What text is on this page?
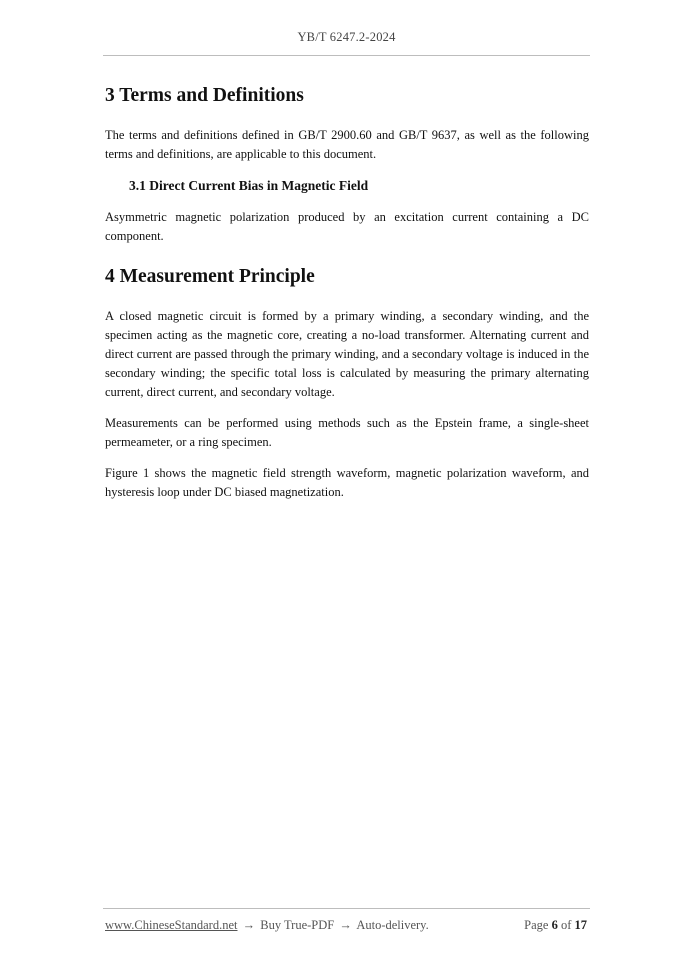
YB/T 6247.2-2024
3 Terms and Definitions

The terms and definitions defined in GB/T 2900.60 and GB/T 9637, as well as the following terms and definitions, are applicable to this document.

3.1 Direct Current Bias in Magnetic Field

Asymmetric magnetic polarization produced by an excitation current containing a DC component.

4 Measurement Principle

A closed magnetic circuit is formed by a primary winding, a secondary winding, and the specimen acting as the magnetic core, creating a no-load transformer. Alternating current and direct current are passed through the primary winding, and a secondary voltage is induced in the secondary winding; the specific total loss is calculated by measuring the primary alternating current, direct current, and secondary voltage.

Measurements can be performed using methods such as the Epstein frame, a single-sheet permeameter, or a ring specimen.

Figure 1 shows the magnetic field strength waveform, magnetic polarization waveform, and hysteresis loop under DC biased magnetization.

www.ChineseStandard.net → Buy True-PDF → Auto-delivery.	Page 6 of 17
